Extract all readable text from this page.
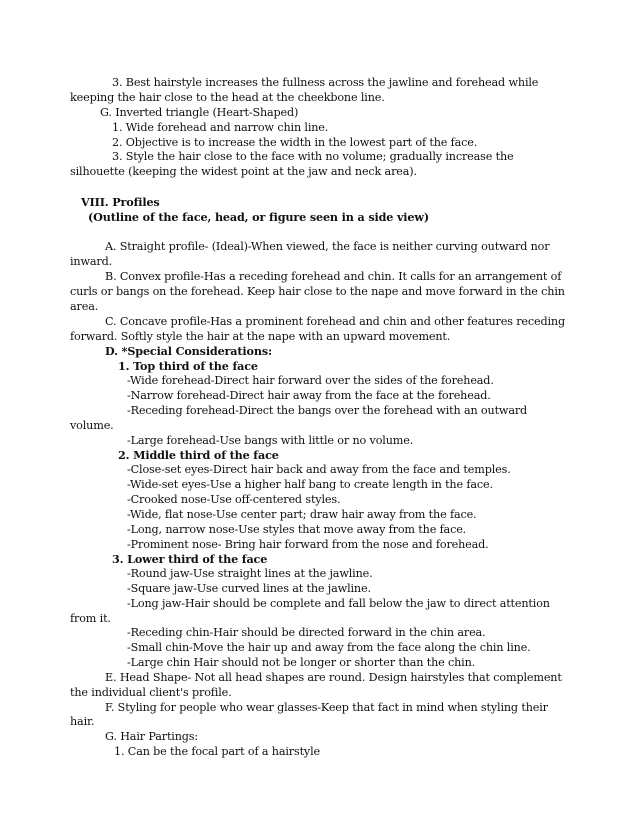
3. Best hairstyle increases the fullness across the jawline and forehead while
keeping the hair close to the head at the cheekbone line.
G. Inverted triangle (Heart-Shaped)
1. Wide forehead and narrow chin line.
2. Objective is to increase the width in the lowest part of the face.
3. Style the hair close to the face with no volume; gradually increase the
silhouette (keeping the widest point at the jaw and neck area).
VIII. Profiles
(Outline of the face, head, or figure seen in a side view)
A. Straight profile- (Ideal)-When viewed, the face is neither curving outward nor
inward.
B. Convex profile-Has a receding forehead and chin. It calls for an arrangement of
curls or bangs on the forehead. Keep hair close to the nape and move forward in the chin
area.
C. Concave profile-Has a prominent forehead and chin and other features receding
forward. Softly style the hair at the nape with an upward movement.
D. *Special Considerations:
1. Top third of the face
-Wide forehead-Direct hair forward over the sides of the forehead.
-Narrow forehead-Direct hair away from the face at the forehead.
-Receding forehead-Direct the bangs over the forehead with an outward
volume.
-Large forehead-Use bangs with little or no volume.
2. Middle third of the face
-Close-set eyes-Direct hair back and away from the face and temples.
-Wide-set eyes-Use a higher half bang to create length in the face.
-Crooked nose-Use off-centered styles.
-Wide, flat nose-Use center part; draw hair away from the face.
-Long, narrow nose-Use styles that move away from the face.
-Prominent nose- Bring hair forward from the nose and forehead.
3. Lower third of the face
-Round jaw-Use straight lines at the jawline.
-Square jaw-Use curved lines at the jawline.
-Long jaw-Hair should be complete and fall below the jaw to direct attention
from it.
-Receding chin-Hair should be directed forward in the chin area.
-Small chin-Move the hair up and away from the face along the chin line.
-Large chin Hair should not be longer or shorter than the chin.
E. Head Shape- Not all head shapes are round. Design hairstyles that complement
the individual client's profile.
F. Styling for people who wear glasses-Keep that fact in mind when styling their
hair.
G. Hair Partings:
1. Can be the focal part of a hairstyle
